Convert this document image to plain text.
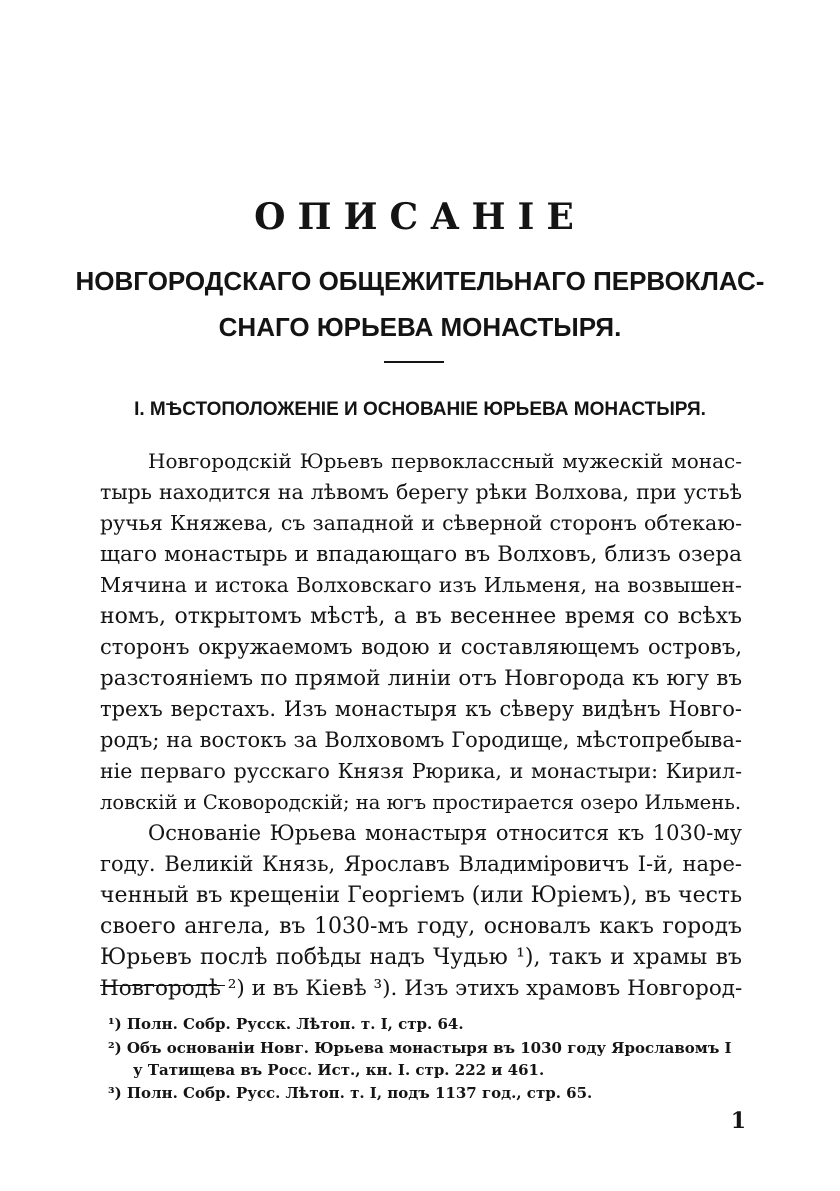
ОПИСАНІЕ
НОВГОРОДСКАГО ОБЩЕЖИТЕЛЬНАГО ПЕРВОКЛАС-
СНАГО ЮРЬЕВА МОНАСТЫРЯ.
I. МѢСТОПОЛОЖЕНІЕ И ОСНОВАНІЕ ЮРЬЕВА МОНАСТЫРЯ.
Новгородскій Юрьевъ первоклассный мужескій монас-
тырь находится на лѣвомъ берегу рѣки Волхова, при устьѣ
ручья Княжева, съ западной и сѣверной сторонъ обтекаю-
щаго монастырь и впадающаго въ Волховъ, близъ озера
Мячина и истока Волховскаго изъ Ильменя, на возвышен-
номъ, открытомъ мѣстѣ, а въ весеннее время со всѣхъ
сторонъ окружаемомъ водою и составляющемъ островъ,
разстояніемъ по прямой линіи отъ Новгорода къ югу въ
трехъ верстахъ. Изъ монастыря къ сѣверу видѣнъ Новго-
родъ; на востокъ за Волховомъ Городище, мѣстопребыва-
ніе перваго русскаго Князя Рюрика, и монастыри: Кирил-
ловскій и Сковородскій; на югъ простирается озеро Ильмень.
Основаніе Юрьева монастыря относится къ 1030-му
году. Великій Князь, Ярославъ Владиміровичъ I-й, наре-
ченный въ крещеніи Георгіемъ (или Юріемъ), въ честь
своего ангела, въ 1030-мъ году, основалъ какъ городъ
Юрьевъ послѣ побѣды надъ Чудью ¹), такъ и храмы въ
Новгородѣ ²) и въ Кіевѣ ³). Изъ этихъ храмовъ Новгород-
¹) Полн. Собр. Русск. Лѣтоп. т. I, стр. 64.
²) Объ основаніи Новг. Юрьева монастыря въ 1030 году Ярославомъ I
у Татищева въ Росс. Ист., кн. I. стр. 222 и 461.
³) Полн. Собр. Русс. Лѣтоп. т. I, подъ 1137 год., стр. 65.
1
